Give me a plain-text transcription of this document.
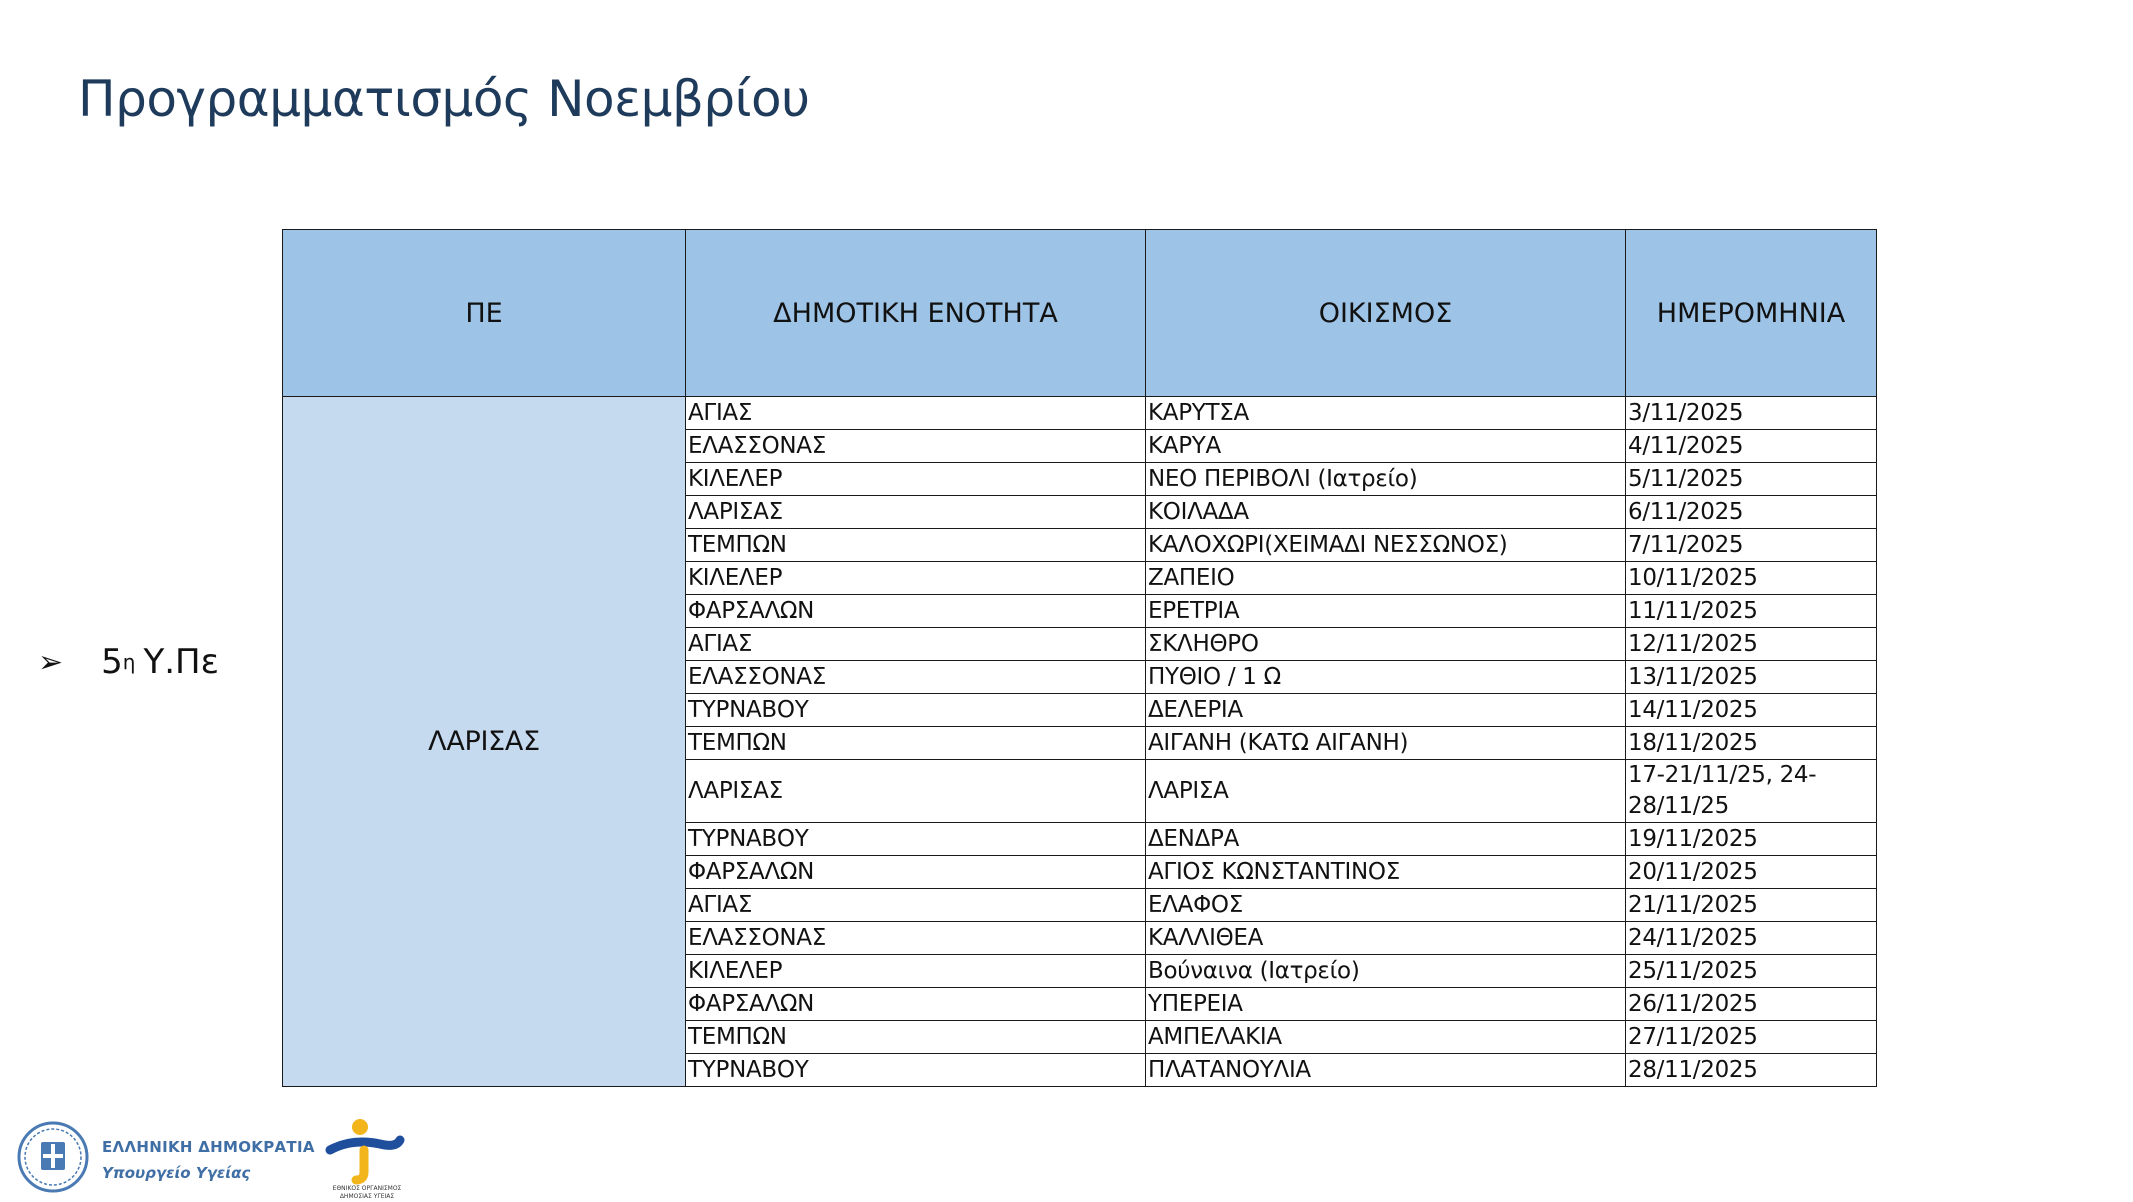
Προγραμματισμός Νοεμβρίου
➢ 5 η Υ.Πε
ΠΕ	ΔΗΜΟΤΙΚΗ ΕΝΟΤΗΤΑ	ΟΙΚΙΣΜΟΣ	ΗΜΕΡΟΜΗΝΙΑ
ΛΑΡΙΣΑΣ	ΑΓΙΑΣ	ΚΑΡΥΤΣΑ	3/11/2025
	ΕΛΑΣΣΟΝΑΣ	ΚΑΡΥΑ	4/11/2025
	ΚΙΛΕΛΕΡ	ΝΕΟ ΠΕΡΙΒΟΛΙ (Ιατρείο)	5/11/2025
	ΛΑΡΙΣΑΣ	ΚΟΙΛΑΔΑ	6/11/2025
	ΤΕΜΠΩΝ	ΚΑΛΟΧΩΡΙ(ΧΕΙΜΑΔΙ ΝΕΣΣΩΝΟΣ)	7/11/2025
	ΚΙΛΕΛΕΡ	ΖΑΠΕΙΟ	10/11/2025
	ΦΑΡΣΑΛΩΝ	ΕΡΕΤΡΙΑ	11/11/2025
	ΑΓΙΑΣ	ΣΚΛΗΘΡΟ	12/11/2025
	ΕΛΑΣΣΟΝΑΣ	ΠΥΘΙΟ / 1 Ω	13/11/2025
	ΤΥΡΝΑΒΟΥ	ΔΕΛΕΡΙΑ	14/11/2025
	ΤΕΜΠΩΝ	ΑΙΓΑΝΗ (ΚΑΤΩ ΑΙΓΑΝΗ)	18/11/2025
	ΛΑΡΙΣΑΣ	ΛΑΡΙΣΑ	17-21/11/25, 24-28/11/25
	ΤΥΡΝΑΒΟΥ	ΔΕΝΔΡΑ	19/11/2025
	ΦΑΡΣΑΛΩΝ	ΑΓΙΟΣ ΚΩΝΣΤΑΝΤΙΝΟΣ	20/11/2025
	ΑΓΙΑΣ	ΕΛΑΦΟΣ	21/11/2025
	ΕΛΑΣΣΟΝΑΣ	ΚΑΛΛΙΘΕΑ	24/11/2025
	ΚΙΛΕΛΕΡ	Βούναινα (Ιατρείο)	25/11/2025
	ΦΑΡΣΑΛΩΝ	ΥΠΕΡΕΙΑ	26/11/2025
	ΤΕΜΠΩΝ	ΑΜΠΕΛΑΚΙΑ	27/11/2025
	ΤΥΡΝΑΒΟΥ	ΠΛΑΤΑΝΟΥΛΙΑ	28/11/2025
ΕΛΛΗΝΙΚΗ ΔΗΜΟΚΡΑΤΙΑ
Υπουργείο Υγείας
ΕΘΝΙΚΟΣ ΟΡΓΑΝΙΣΜΟΣ
ΔΗΜΟΣΙΑΣ ΥΓΕΙΑΣ
